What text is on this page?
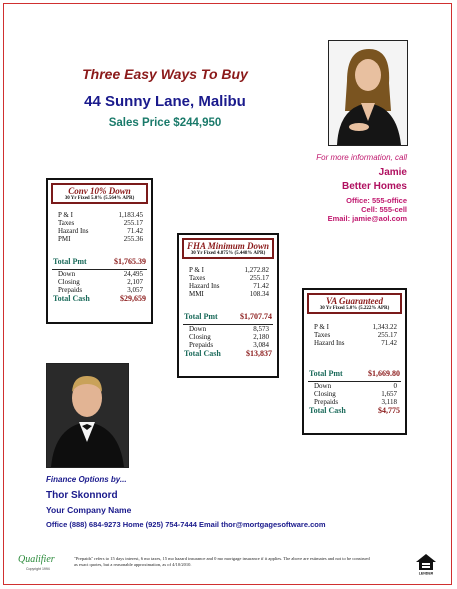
Three Easy Ways To Buy
44 Sunny Lane, Malibu
Sales Price $244,950
For more information, call
Jamie
Better Homes
Office: 555-office
Cell: 555-cell
Email: jamie@aol.com
Conv 10% Down
30 Yr Fixed 5.0% (5.564% APR)
P & I	1,183.45
Taxes	255.17
Hazard Ins	71.42
PMI	255.36
Total Pmt	$1,765.39
Down	24,495
Closing	2,107
Prepaids	3,057
Total Cash	$29,659
FHA Minimum Down
30 Yr Fixed 4.875% (5.448% APR)
P & I	1,272.82
Taxes	255.17
Hazard Ins	71.42
MMI	108.34
Total Pmt	$1,707.74
Down	8,573
Closing	2,180
Prepaids	3,084
Total Cash	$13,837
VA Guaranteed
30 Yr Fixed 5.0% (5.222% APR)
P & I	1,343.22
Taxes	255.17
Hazard Ins	71.42
Total Pmt	$1,669.80
Down	0
Closing	1,657
Prepaids	3,118
Total Cash	$4,775
Finance Options by...
Thor Skonnord
Your Company Name
Office (888) 684-9273 Home (925) 754-7444 Email thor@mortgagesoftware.com
Qualifier
Copyright 1994
"Prepaids" refers to 15 days interest, 6 mo taxes, 15 mo hazard insurance and 0 mo mortgage insurance if it applies. The above are estimates and not to be construed as exact quotes, but a reasonable approximation, as of 4/10/2010.
LENDER
